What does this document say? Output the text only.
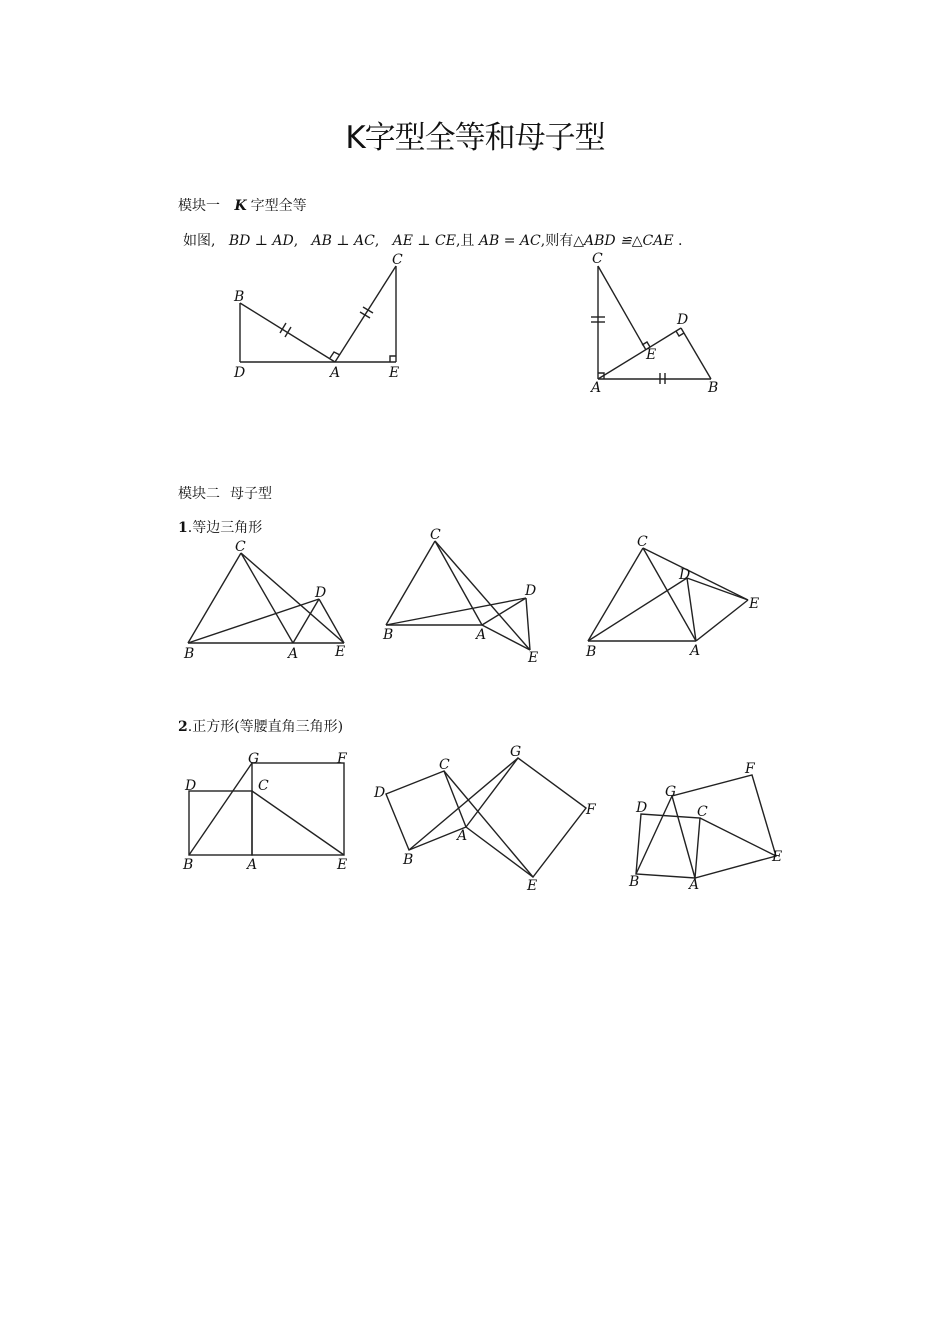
K字型全等和母子型
模块一 K 字型全等
如图, BD ⊥ AD, AB ⊥ AC, AE ⊥ CE,且 AB = AC,则有△ABD ≌△CAE .
模块二 母子型
1.等边三角形
2.正方形(等腰直角三角形)
B
D	A	E
C	C
D
E
A	B
C
D
B	A	E
C
D
B	A
E
C
D
E
B	A
G	F
D	C
B	A	E
C
G
D
F
A
B
E
F
G
D	C
E
B	A
